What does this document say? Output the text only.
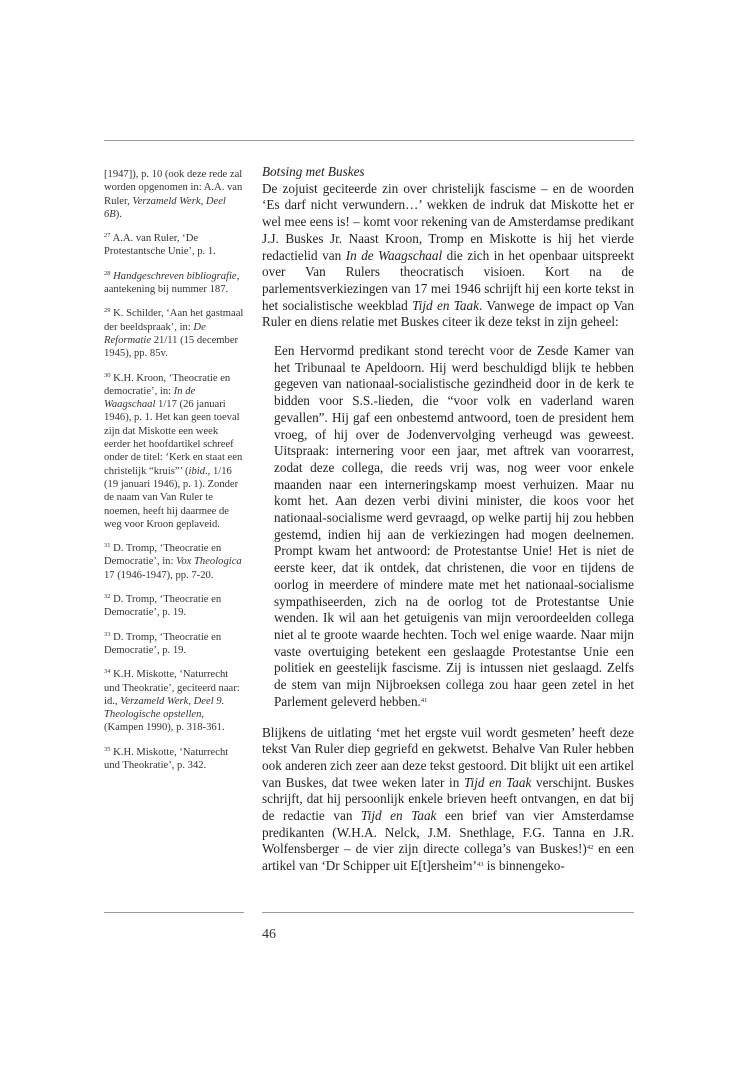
[1947]), p. 10 (ook deze rede zal worden opgenomen in: A.A. van Ruler, Verzameld Werk, Deel 6B).

$^{27}$ A.A. van Ruler, ‘De Protestantsche Unie’, p. 1.

$^{28}$ Handgeschreven bibliografie, aantekening bij nummer 187.

$^{29}$ K. Schilder, ‘Aan het gastmaal der beeldspraak’, in: De Reformatie 21/11 (15 december 1945), pp. 85v.

$^{30}$ K.H. Kroon, ‘Theocratie en democratie’, in: In de Waagschaal 1/17 (26 januari 1946), p. 1. Het kan geen toeval zijn dat Miskotte een week eerder het hoofdartikel schreef onder de titel: ‘Kerk en staat een christelijk “kruis”’ (ibid., 1/16 (19 januari 1946), p. 1). Zonder de naam van Van Ruler te noemen, heeft hij daarmee de weg voor Kroon geplaveid.

$^{31}$ D. Tromp, ‘Theocratie en Democratie’, in: Vox Theologica 17 (1946-1947), pp. 7-20.

$^{32}$ D. Tromp, ‘Theocratie en Democratie’, p. 19.

$^{33}$ D. Tromp, ‘Theocratie en Democratie’, p. 19.

$^{34}$ K.H. Miskotte, ‘Naturrecht und Theokratie’, geciteerd naar: id., Verzameld Werk, Deel 9. Theologische opstellen, (Kampen 1990), p. 318-361.

$^{35}$ K.H. Miskotte, ‘Naturrecht und Theokratie’, p. 342.

Botsing met Buskes

De zojuist geciteerde zin over christelijk fascisme – en de woorden ‘Es darf nicht verwundern…’ wekken de indruk dat Miskotte het er wel mee eens is! – komt voor rekening van de Amsterdamse predikant J.J. Buskes Jr. Naast Kroon, Tromp en Miskotte is hij het vierde redactielid van In de Waagschaal die zich in het openbaar uitspreekt over Van Rulers theocratisch visioen. Kort na de parlementsverkiezingen van 17 mei 1946 schrijft hij een korte tekst in het socialistische weekblad Tijd en Taak. Vanwege de impact op Van Ruler en diens relatie met Buskes citeer ik deze tekst in zijn geheel:

Een Hervormd predikant stond terecht voor de Zesde Kamer van het Tribunaal te Apeldoorn. Hij werd beschuldigd blijk te hebben gegeven van nationaal-socialistische gezindheid door in de kerk te bidden voor S.S.-lieden, die “voor volk en vaderland waren gevallen”. Hij gaf een onbestemd antwoord, toen de president hem vroeg, of hij over de Jodenvervolging verheugd was geweest. Uitspraak: internering voor een jaar, met aftrek van voorarrest, zodat deze collega, die reeds vrij was, nog weer voor enkele maanden naar een interneringskamp moest verhuizen. Maar nu komt het. Aan dezen verbi divini minister, die koos voor het nationaal-socialisme werd gevraagd, op welke partij hij zou hebben gestemd, indien hij aan de verkiezingen had mogen deelnemen. Prompt kwam het antwoord: de Protestantse Unie! Het is niet de eerste keer, dat ik ontdek, dat christenen, die voor en tijdens de oorlog in meerdere of mindere mate met het nationaal-socialisme sympathiseerden, zich na de oorlog tot de Protestantse Unie wenden. Ik wil aan het getuigenis van mijn veroordeelden collega niet al te groote waarde hechten. Toch wel enige waarde. Naar mijn vaste overtuiging betekent een geslaagde Protestantse Unie een politiek en geestelijk fascisme. Zij is intussen niet geslaagd. Zelfs de stem van mijn Nijbroeksen collega zou haar geen zetel in het Parlement geleverd hebben.$^{41}$

Blijkens de uitlating ‘met het ergste vuil wordt gesmeten’ heeft deze tekst Van Ruler diep gegriefd en gekwetst. Behalve Van Ruler hebben ook anderen zich zeer aan deze tekst gestoord. Dit blijkt uit een artikel van Buskes, dat twee weken later in Tijd en Taak verschijnt. Buskes schrijft, dat hij persoonlijk enkele brieven heeft ontvangen, en dat bij de redactie van Tijd en Taak een brief van vier Amsterdamse predikanten (W.H.A. Nelck, J.M. Snethlage, F.G. Tanna en J.R. Wolfensberger – de vier zijn directe collega’s van Buskes!)$^{42}$ en een artikel van ‘Dr Schipper uit E[t]ersheim’$^{43}$ is binnengeko-

46
